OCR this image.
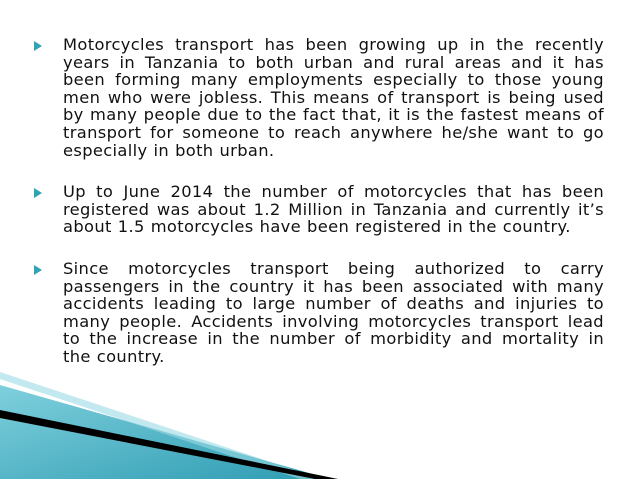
Motorcycles transport has been growing up in the recently years in Tanzania to both urban and rural areas and it has been forming many employments especially to those young men who were jobless. This means of transport is being used by many people due to the fact that, it is the fastest means of transport for someone to reach anywhere he/she want to go especially in both urban.
Up to June 2014 the number of motorcycles that has been registered was about 1.2 Million in Tanzania and currently it’s about 1.5 motorcycles have been registered in the country.
Since motorcycles transport being authorized to carry passengers in the country it has been associated with many accidents leading to large number of deaths and injuries to many people. Accidents involving motorcycles transport lead to the increase in the number of morbidity and mortality in the country.
